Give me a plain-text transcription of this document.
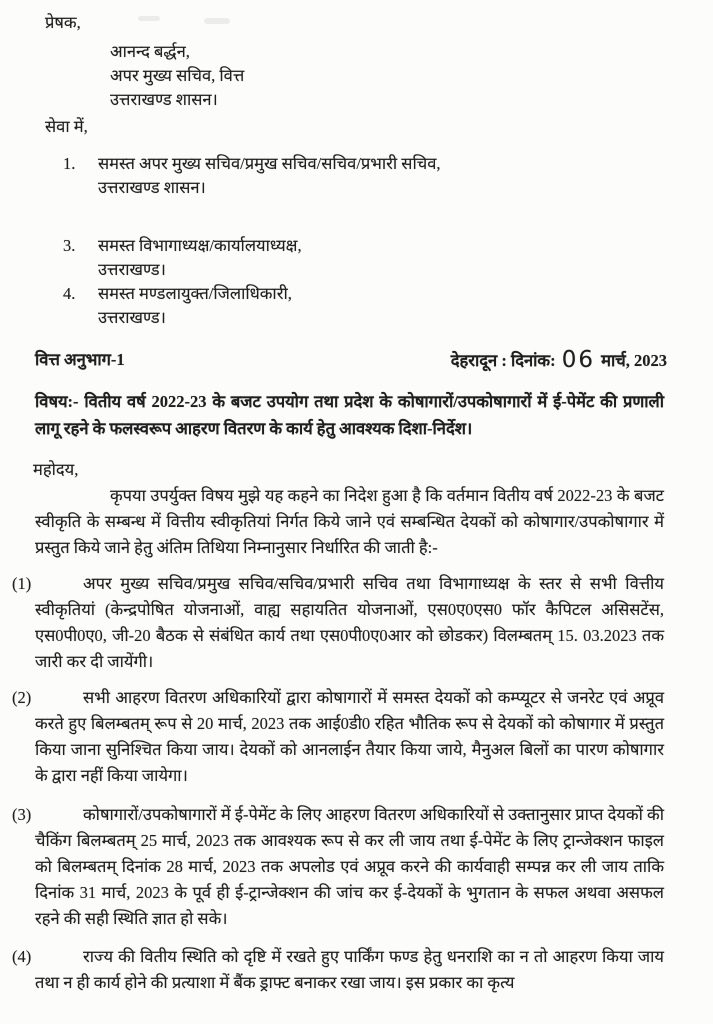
प्रेषक,
आनन्द बर्द्धन,
अपर मुख्य सचिव, वित्त
उत्तराखण्ड शासन।
सेवा में,
1.	समस्त अपर मुख्य सचिव/प्रमुख सचिव/सचिव/प्रभारी सचिव,
उत्तराखण्ड शासन।
3.	समस्त विभागाध्यक्ष/कार्यालयाध्यक्ष,
उत्तराखण्ड।
4.	समस्त मण्डलायुक्त/जिलाधिकारी,
उत्तराखण्ड।
वित्त अनुभाग-1	देहरादून : दिनांक: 06 मार्च, 2023
विषय:- वितीय वर्ष 2022-23 के बजट उपयोग तथा प्रदेश के कोषागारों/उपकोषागारों में ई-पेमेंट की प्रणाली लागू रहने के फलस्वरूप आहरण वितरण के कार्य हेतु आवश्यक दिशा-निर्देश।
महोदय,
कृपया उपर्युक्त विषय मुझे यह कहने का निदेश हुआ है कि वर्तमान वितीय वर्ष 2022-23 के बजट स्वीकृति के सम्बन्ध में वित्तीय स्वीकृतियां निर्गत किये जाने एवं सम्बन्धित देयकों को कोषागार/उपकोषागार में प्रस्तुत किये जाने हेतु अंतिम तिथिया निम्नानुसार निर्धारित की जाती है:-
(1)	अपर मुख्य सचिव/प्रमुख सचिव/सचिव/प्रभारी सचिव तथा विभागाध्यक्ष के स्तर से सभी वित्तीय स्वीकृतियां (केन्द्रपोषित योजनाओं, वाह्य सहायतित योजनाओं, एस0ए0एस0 फॉर कैपिटल असिसटेंस, एस0पी0ए0, जी-20 बैठक से संबंधित कार्य तथा एस0पी0ए0आर को छोडकर) विलम्बतम् 15. 03.2023 तक जारी कर दी जायेंगी।
(2)	सभी आहरण वितरण अधिकारियों द्वारा कोषागारों में समस्त देयकों को कम्प्यूटर से जनरेट एवं अप्रूव करते हुए बिलम्बतम् रूप से 20 मार्च, 2023 तक आई0डी0 रहित भौतिक रूप से देयकों को कोषागार में प्रस्तुत किया जाना सुनिश्चित किया जाय। देयकों को आनलाईन तैयार किया जाये, मैनुअल बिलों का पारण कोषागार के द्वारा नहीं किया जायेगा।
(3)	कोषागारों/उपकोषागारों में ई-पेमेंट के लिए आहरण वितरण अधिकारियों से उक्तानुसार प्राप्त देयकों की चैकिंग बिलम्बतम् 25 मार्च, 2023 तक आवश्यक रूप से कर ली जाय तथा ई-पेमेंट के लिए ट्रान्जेक्शन फाइल को बिलम्बतम् दिनांक 28 मार्च, 2023 तक अपलोड एवं अप्रूव करने की कार्यवाही सम्पन्न कर ली जाय ताकि दिनांक 31 मार्च, 2023 के पूर्व ही ई-ट्रान्जेक्शन की जांच कर ई-देयकों के भुगतान के सफल अथवा असफल रहने की सही स्थिति ज्ञात हो सके।
(4)	राज्य की वितीय स्थिति को दृष्टि में रखते हुए पार्किंग फण्ड हेतु धनराशि का न तो आहरण किया जाय तथा न ही कार्य होने की प्रत्याशा में बैंक ड्राफ्ट बनाकर रखा जाय। इस प्रकार का कृत्य
